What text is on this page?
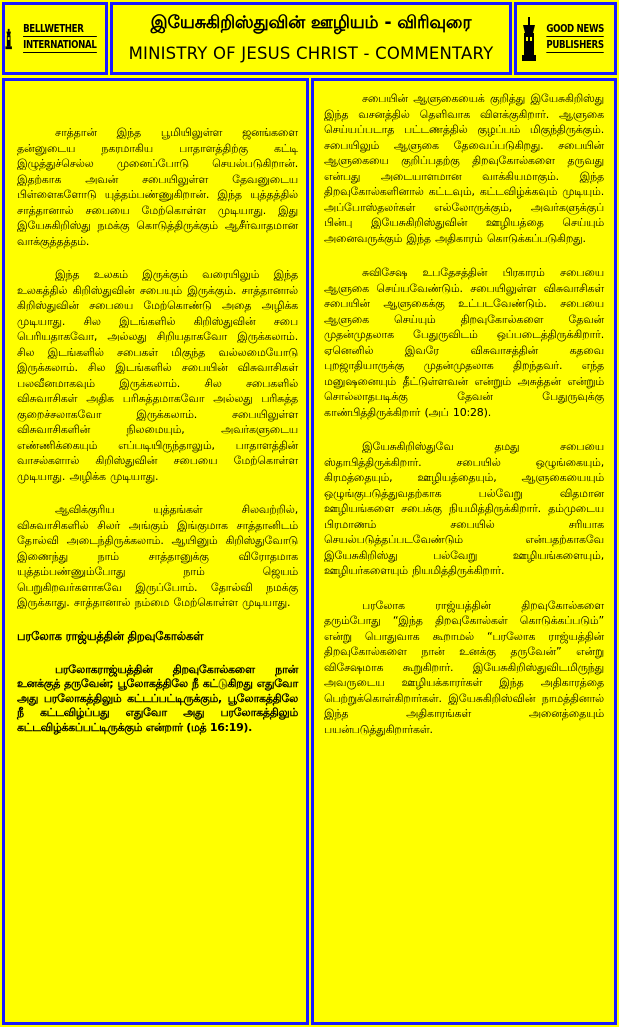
BELLWETHER
INTERNATIONAL
இயேசுகிறிஸ்துவின் ஊழியம் - விரிவுரை
MINISTRY OF JESUS CHRIST - COMMENTARY
GOOD NEWS
PUBLISHERS

சாத்தான் இந்த பூமியிலுள்ள ஜனங்களை தன்னுடைய நகரமாகிய பாதாளத்திற்கு கட்டி இழுத்துச்செல்ல முனைப்போடு செயல்படுகிறான். இதற்காக அவன் சபையிலுள்ள தேவனுடைய பிள்ளைகளோடு யுத்தம்பண்ணுகிறான். இந்த யுத்தத்தில் சாத்தானால் சபையை மேற்கொள்ள முடியாது. இது இயேசுகிறிஸ்து நமக்கு கொடுத்திருக்கும் ஆசீர்வாதமான வாக்குத்தத்தம்.

இந்த உலகம் இருக்கும் வரையிலும் இந்த உலகத்தில் கிறிஸ்துவின் சபையும் இருக்கும். சாத்தானால் கிறிஸ்துவின் சபையை மேற்கொண்டு அதை அழிக்க முடியாது. சில இடங்களில் கிறிஸ்துவின் சபை பெரியதாகவோ, அல்லது சிறியதாகவோ இருக்கலாம். சில இடங்களில் சபைகள் மிகுந்த வல்லமையோடு இருக்கலாம். சில இடங்களில் சபையின் விசுவாசிகள் பலவீனமாகவும் இருக்கலாம். சில சபைகளில் விசுவாசிகள் அதிக பரிசுத்தமாகவோ அல்லது பரிசுத்த குறைச்சலாகவோ இருக்கலாம். சபையிலுள்ள விசுவாசிகளின் நிலமையும், அவர்களுடைய எண்ணிக்கையும் எப்படியிருந்தாலும், பாதாளத்தின் வாசல்களால் கிறிஸ்துவின் சபையை மேற்கொள்ள முடியாது. அழிக்க முடியாது.

ஆவிக்குரிய யுத்தங்கள் சிலவற்றில், விசுவாசிகளில் சிலர் அங்கும் இங்குமாக சாத்தானிடம் தோல்வி அடைந்திருக்கலாம். ஆயினும் கிறிஸ்துவோடு இணைந்து நாம் சாத்தானுக்கு விரோதமாக யுத்தம்பண்ணும்போது நாம் ஜெயம் பெறுகிறவர்களாகவே இருப்போம். தோல்வி நமக்கு இருக்காது. சாத்தானால் நம்மை மேற்கொள்ள முடியாது.

பரலோக ராஜ்யத்தின் திறவுகோல்கள்

பரலோகராஜ்யத்தின் திறவுகோல்களை நான் உனக்குத் தருவேன்; பூலோகத்திலே நீ கட்டுகிறது எதுவோ அது பரலோகத்திலும் கட்டப்பட்டிருக்கும், பூலோகத்திலே நீ கட்டவிழ்ப்பது எதுவோ அது பரலோகத்திலும் கட்டவிழ்க்கப்பட்டிருக்கும் என்றார் (மத் 16:19).

சபையின் ஆளுகையைக் குறித்து இயேசுகிறிஸ்து இந்த வசனத்தில் தெளிவாக விளக்குகிறார். ஆளுகை செய்யப்படாத பட்டணத்தில் குழப்பம் மிகுந்திருக்கும். சபையிலும் ஆளுகை தேவைப்படுகிறது. சபையின் ஆளுகையை குறிப்பதற்கு திறவுகோல்களை தருவது என்பது அடையாளமான வாக்கியமாகும். இந்த திறவுகோல்களினால் கட்டவும், கட்டவிழ்க்கவும் முடியும். அப்போஸ்தலர்கள் எல்லோருக்கும், அவர்களுக்குப் பின்பு இயேசுகிறிஸ்துவின் ஊழியத்தை செய்யும் அனைவருக்கும் இந்த அதிகாரம் கொடுக்கப்படுகிறது.

சுவிசேஷ உபதேசத்தின் பிரகாரம் சபையை ஆளுகை செய்யவேண்டும். சபையிலுள்ள விசுவாசிகள் சபையின் ஆளுகைக்கு உட்படவேண்டும். சபையை ஆளுகை செய்யும் திறவுகோல்களை தேவன் முதன்முதலாக பேதுருவிடம் ஒப்படைத்திருக்கிறார். ஏனெனில் இவரே விசுவாசத்தின் கதவை புறஜாதியாருக்கு முதன்முதலாக திறந்தவர். எந்த மனுஷனையும் தீட்டுள்ளவன் என்றும் அசுத்தன் என்றும் சொல்லாதபடிக்கு தேவன் பேதுருவுக்கு காண்பித்திருக்கிறார் (அப் 10:28).

இயேசுகிறிஸ்துவே தமது சபையை ஸ்தாபித்திருக்கிறார். சபையில் ஒழுங்கையும், கிரமத்தையும், ஊழியத்தையும், ஆளுகையையும் ஒழுங்குபடுத்துவதற்காக பல்வேறு விதமான ஊழியங்களை சபைக்கு நியமித்திருக்கிறார். தம்முடைய பிரமாணம் சபையில் சரியாக செயல்படுத்தப்படவேண்டும் என்பதற்காகவே இயேசுகிறிஸ்து பல்வேறு ஊழியங்களையும், ஊழியர்களையும் நியமித்திருக்கிறார்.

பரலோக ராஜ்யத்தின் திறவுகோல்களை தரும்போது “இந்த திறவுகோல்கள் கொடுக்கப்படும்” என்று பொதுவாக கூறாமல் “பரலோக ராஜ்யத்தின் திறவுகோல்களை நான் உனக்கு தருவேன்” என்று விசேஷமாக கூறுகிறார். இயேசுகிறிஸ்துவிடமிருந்து அவருடைய ஊழியக்காரர்கள் இந்த அதிகாரத்தை பெற்றுக்கொள்கிறார்கள். இயேசுகிறிஸ்வின் நாமத்தினால் இந்த அதிகாரங்கள் அனைத்தையும் பயன்படுத்துகிறார்கள்.
